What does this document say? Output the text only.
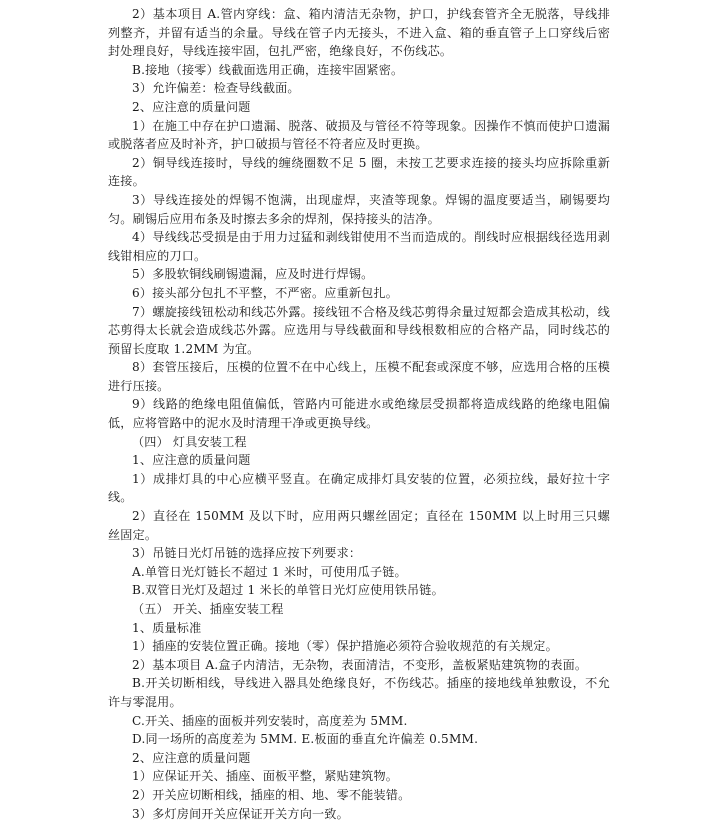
2）基本项目 A.管内穿线：盒、箱内清洁无杂物，护口，护线套管齐全无脱落，导线排列整齐，并留有适当的余量。导线在管子内无接头，不进入盒、箱的垂直管子上口穿线后密封处理良好，导线连接牢固，包扎严密，绝缘良好，不伤线芯。

B.接地（接零）线截面选用正确，连接牢固紧密。

3）允许偏差：检查导线截面。

2、应注意的质量问题

1）在施工中存在护口遗漏、脱落、破损及与管径不符等现象。因操作不慎而使护口遗漏或脱落者应及时补齐，护口破损与管径不符者应及时更换。

2）铜导线连接时，导线的缠绕圈数不足 5 圈，未按工艺要求连接的接头均应拆除重新连接。

3）导线连接处的焊锡不饱满，出现虚焊，夹渣等现象。焊锡的温度要适当，刷锡要均匀。刷锡后应用布条及时擦去多余的焊剂，保持接头的洁净。

4）导线线芯受损是由于用力过猛和剥线钳使用不当而造成的。削线时应根据线径选用剥线钳相应的刀口。

5）多股软铜线刷锡遗漏，应及时进行焊锡。

6）接头部分包扎不平整，不严密。应重新包扎。

7）螺旋接线钮松动和线芯外露。接线钮不合格及线芯剪得余量过短都会造成其松动，线芯剪得太长就会造成线芯外露。应选用与导线截面和导线根数相应的合格产品，同时线芯的预留长度取 1.2MM 为宜。

8）套管压接后，压模的位置不在中心线上，压模不配套或深度不够，应选用合格的压模进行压接。

9）线路的绝缘电阻值偏低，管路内可能进水或绝缘层受损都将造成线路的绝缘电阻偏低，应将管路中的泥水及时清理干净或更换导线。

（四） 灯具安装工程

1、应注意的质量问题

1）成排灯具的中心应横平竖直。在确定成排灯具安装的位置，必须拉线，最好拉十字线。

2）直径在 150MM 及以下时，应用两只螺丝固定；直径在 150MM 以上时用三只螺丝固定。

3）吊链日光灯吊链的选择应按下列要求：

A.单管日光灯链长不超过 1 米时，可使用瓜子链。

B.双管日光灯及超过 1 米长的单管日光灯应使用铁吊链。

（五） 开关、插座安装工程

1、质量标准

1）插座的安装位置正确。接地（零）保护措施必须符合验收规范的有关规定。

2）基本项目 A.盒子内清洁，无杂物，表面清洁，不变形，盖板紧贴建筑物的表面。

B.开关切断相线，导线进入器具处绝缘良好，不伤线芯。插座的接地线单独敷设，不允许与零混用。

C.开关、插座的面板并列安装时，高度差为 5MM.

D.同一场所的高度差为 5MM. E.板面的垂直允许偏差 0.5MM.

2、应注意的质量问题

1）应保证开关、插座、面板平整，紧贴建筑物。

2）开关应切断相线，插座的相、地、零不能装错。

3）多灯房间开关应保证开关方向一致。
